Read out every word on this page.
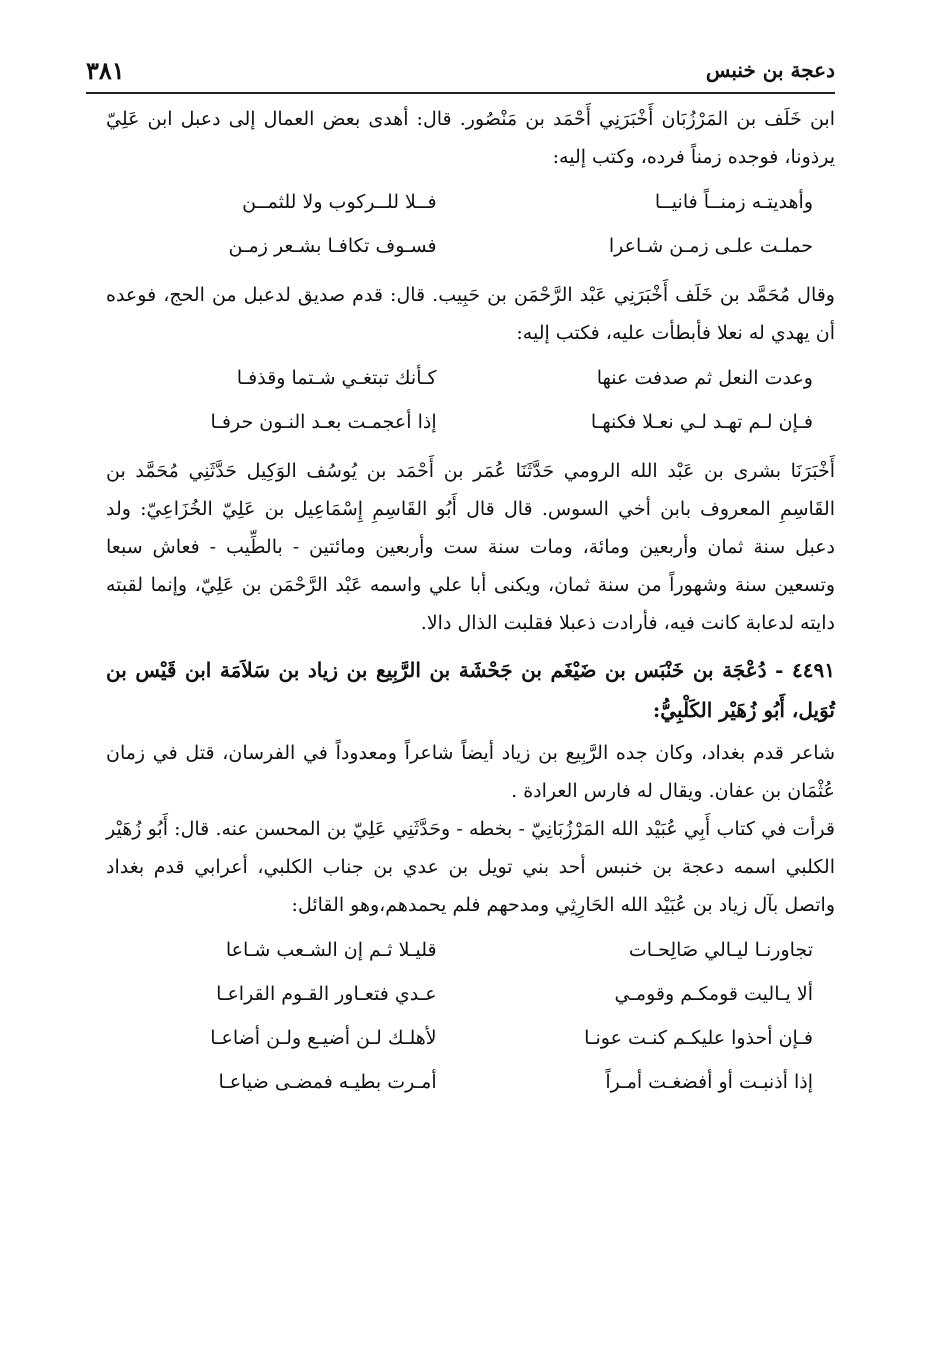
دعجة بن خنبس
٣٨١

ابن خَلَف بن المَرْزُبَان أَخْبَرَنِي أَحْمَد بن مَنْصُور. قال: أهدى بعض العمال إلى دعبل ابن عَلِيّ يرذونا، فوجده زمناً فرده، وكتب إليه:

وأهديتـه زمنــاً فانيــا
فــلا للــركوب ولا للثمــن
حملـت علـى زمـن شـاعرا
فسـوف تكافـا بشـعر زمـن

وقال مُحَمَّد بن خَلَف أَخْبَرَنِي عَبْد الرَّحْمَن بن حَبِيب. قال: قدم صديق لدعبل من الحج، فوعده أن يهدي له نعلا فأبطأت عليه، فكتب إليه:

وعدت النعل ثم صدفت عنها
كـأنك تبتغـي شـتما وقذفـا
فـإن لـم تهـد لـي نعـلا فكنهـا
إذا أعجمـت بعـد النـون حرفـا

أَخْبَرَنَا بشرى بن عَبْد الله الرومي حَدَّثَنَا عُمَر بن أَحْمَد بن يُوسُف الوَكِيل حَدَّثَنِي مُحَمَّد بن القَاسِمِ المعروف بابن أخي السوس. قال قال أَبُو القَاسِمِ إِسْمَاعِيل بن عَلِيّ الخُزَاعِيّ: ولد دعبل سنة ثمان وأربعين ومائة، ومات سنة ست وأربعين ومائتين - بالطِّيب - فعاش سبعا وتسعين سنة وشهوراً من سنة ثمان، ويكنى أبا علي واسمه عَبْد الرَّحْمَن بن عَلِيّ، وإنما لقبته دايته لدعابة كانت فيه، فأرادت ذعبلا فقلبت الذال دالا.

٤٤٩١ - دُعْجَة بن خَنْبَس بن ضَيْغَم بن جَحْشَة بن الرَّبِيع بن زياد بن سَلاَمَة ابن قَيْس بن تُوَيل، أَبُو زُهَيْر الكَلْبِيُّ:

شاعر قدم بغداد، وكان جده الرَّبِيع بن زياد أيضاً شاعراً ومعدوداً في الفرسان، قتل في زمان عُثْمَان بن عفان. ويقال له فارس العرادة .

قرأت في كتاب أَبِي عُبَيْد الله المَرْزُبَانِيّ - بخطه - وحَدَّثَنِي عَلِيّ بن المحسن عنه. قال: أَبُو زُهَيْر الكلبي اسمه دعجة بن خنبس أحد بني تويل بن عدي بن جناب الكلبي، أعرابي قدم بغداد واتصل بآل زياد بن عُبَيْد الله الحَارِثِي ومدحهم فلم يحمدهم،وهو القائل:

تجاورنـا ليـالي صَالِحـات
قليـلا ثـم إن الشـعب شـاعا
ألا يـاليت قومكـم وقومـي
عـدي فتعـاور القـوم القراعـا
فـإن أحذوا عليكـم كنـت عونـا
لأهلـك لـن أضيـع ولـن أضاعـا
إذا أذنبـت أو أفضغـت أمـراً
أمـرت بطيـه فمضـى ضياعـا
